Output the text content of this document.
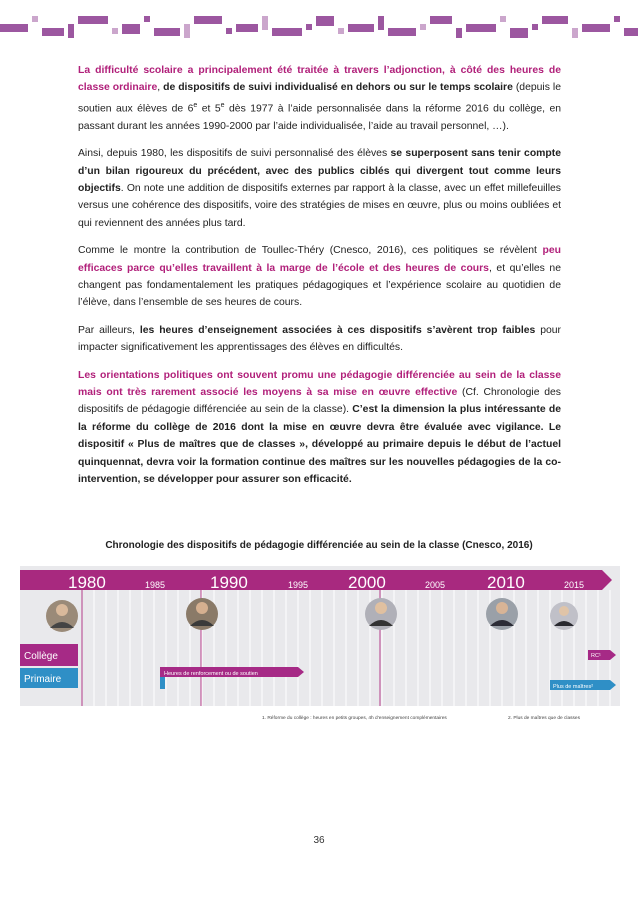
La difficulté scolaire a principalement été traitée à travers l’adjonction, à côté des heures de classe ordinaire, de dispositifs de suivi individualisé en dehors ou sur le temps scolaire (depuis le soutien aux élèves de 6e et 5e dès 1977 à l’aide personnalisée dans la réforme 2016 du collège, en passant durant les années 1990-2000 par l’aide individualisée, l’aide au travail personnel, …).

Ainsi, depuis 1980, les dispositifs de suivi personnalisé des élèves se superposent sans tenir compte d’un bilan rigoureux du précédent, avec des publics ciblés qui divergent tout comme leurs objectifs. On note une addition de dispositifs externes par rapport à la classe, avec un effet millefeuilles versus une cohérence des dispositifs, voire des stratégies de mises en œuvre, plus ou moins oubliées et qui reviennent des années plus tard.

Comme le montre la contribution de Toullec-Théry (Cnesco, 2016), ces politiques se révèlent peu efficaces parce qu’elles travaillent à la marge de l’école et des heures de cours, et qu’elles ne changent pas fondamentalement les pratiques pédagogiques et l’expérience scolaire au quotidien de l’élève, dans l’ensemble de ses heures de cours.

Par ailleurs, les heures d’enseignement associées à ces dispositifs s’avèrent trop faibles pour impacter significativement les apprentissages des élèves en difficultés.

Les orientations politiques ont souvent promu une pédagogie différenciée au sein de la classe mais ont très rarement associé les moyens à sa mise en œuvre effective (Cf. Chronologie des dispositifs de pédagogie différenciée au sein de la classe). C’est la dimension la plus intéressante de la réforme du collège de 2016 dont la mise en œuvre devra être évaluée avec vigilance. Le dispositif « Plus de maîtres que de classes », développé au primaire depuis le début de l’actuel quinquennat, devra voir la formation continue des maîtres sur les nouvelles pédagogies de la co-intervention, se développer pour assurer son efficacité.

Chronologie des dispositifs de pédagogie différenciée au sein de la classe (Cnesco, 2016)
1980	1985	1990	1995 2000	2005 2010	2015
Collège
Primaire	Heures de renforcement ou de soutien
RC¹
Plus de maîtres²
1. Réforme du collège : heures en petits groupes, 4h d’enseignement complémentaires	2. Plus de maîtres que de classes
36
